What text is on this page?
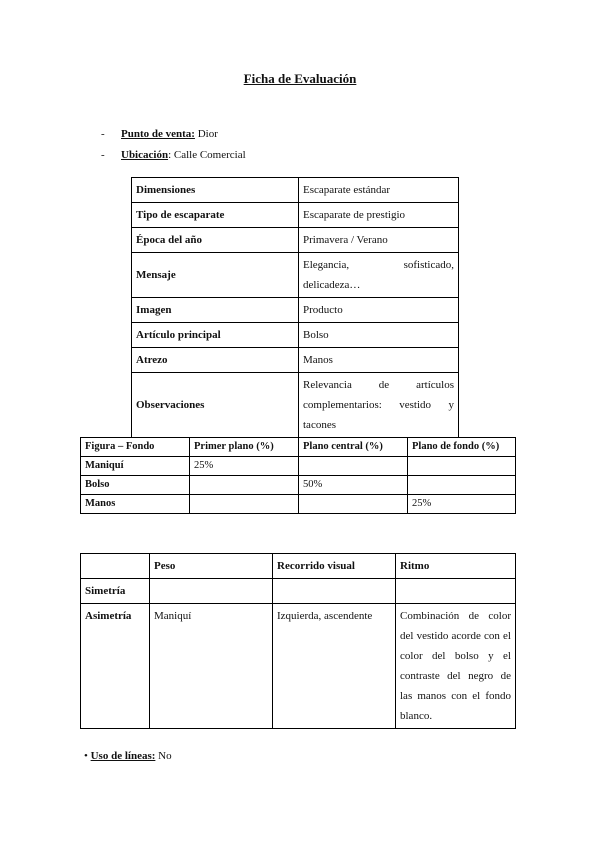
Ficha de Evaluación
- Punto de venta: Dior
- Ubicación: Calle Comercial
Dimensiones	Escaparate estándar
Tipo de escaparate	Escaparate de prestigio
Época del año	Primavera / Verano
Mensaje	Elegancia, sofisticado, delicadeza…
Imagen	Producto
Artículo principal	Bolso
Atrezo	Manos
Observaciones	Relevancia de artículos complementarios: vestido y tacones
Figura – Fondo	Primer plano (%)	Plano central (%)	Plano de fondo (%)
Maniquí	25%		
Bolso		50%	
Manos			25%
	Peso	Recorrido visual	Ritmo
Simetría			
Asimetría	Maniquí	Izquierda, ascendente	Combinación de color del vestido acorde con el color del bolso y el contraste del negro de las manos con el fondo blanco.
• Uso de líneas: No
